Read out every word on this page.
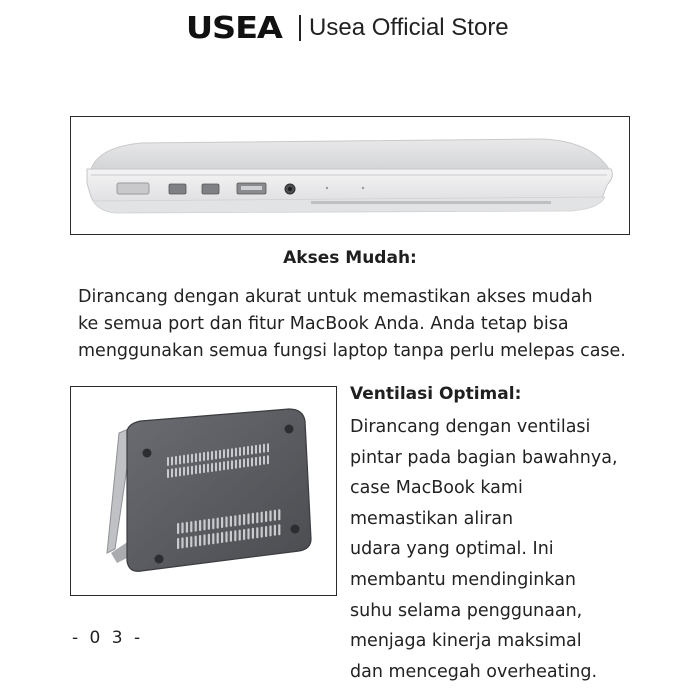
USEA Usea Official Store
Akses Mudah:
Dirancang dengan akurat untuk memastikan akses mudah
ke semua port dan fitur MacBook Anda. Anda tetap bisa
menggunakan semua fungsi laptop tanpa perlu melepas case.
Ventilasi Optimal:
Dirancang dengan ventilasi
pintar pada bagian bawahnya,
case MacBook kami
memastikan aliran
udara yang optimal. Ini
membantu mendinginkan
suhu selama penggunaan,
menjaga kinerja maksimal
dan mencegah overheating.
- 0 3 -
